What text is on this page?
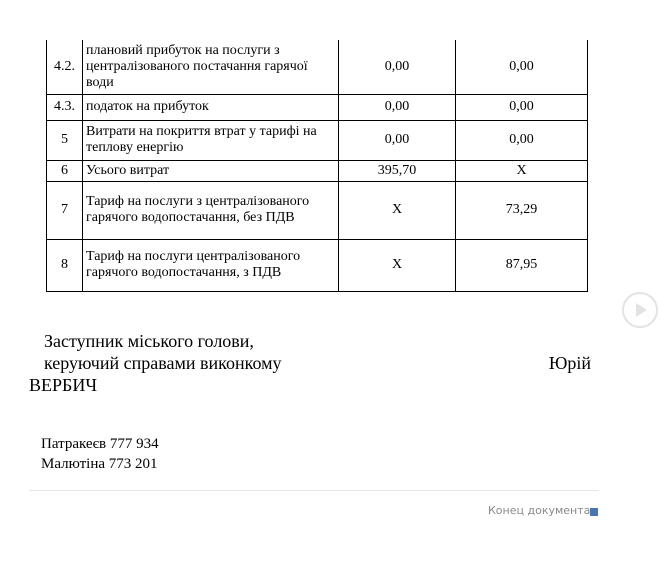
4.2.	плановий прибуток на послуги з централізованого постачання гарячої води	0,00	0,00
4.3.	податок на прибуток	0,00	0,00
5	Витрати на покриття втрат у тарифі на теплову енергію	0,00	0,00
6	Усього витрат	395,70	Х
7	Тариф на послуги з централізованого гарячого водопостачання, без ПДВ	Х	73,29
8	Тариф на послуги централізованого гарячого водопостачання, з ПДВ	Х	87,95
Заступник міського голови,
керуючий справами виконкому	Юрій
ВЕРБИЧ
Патракеєв 777 934
Малютіна 773 201
Конец документа
